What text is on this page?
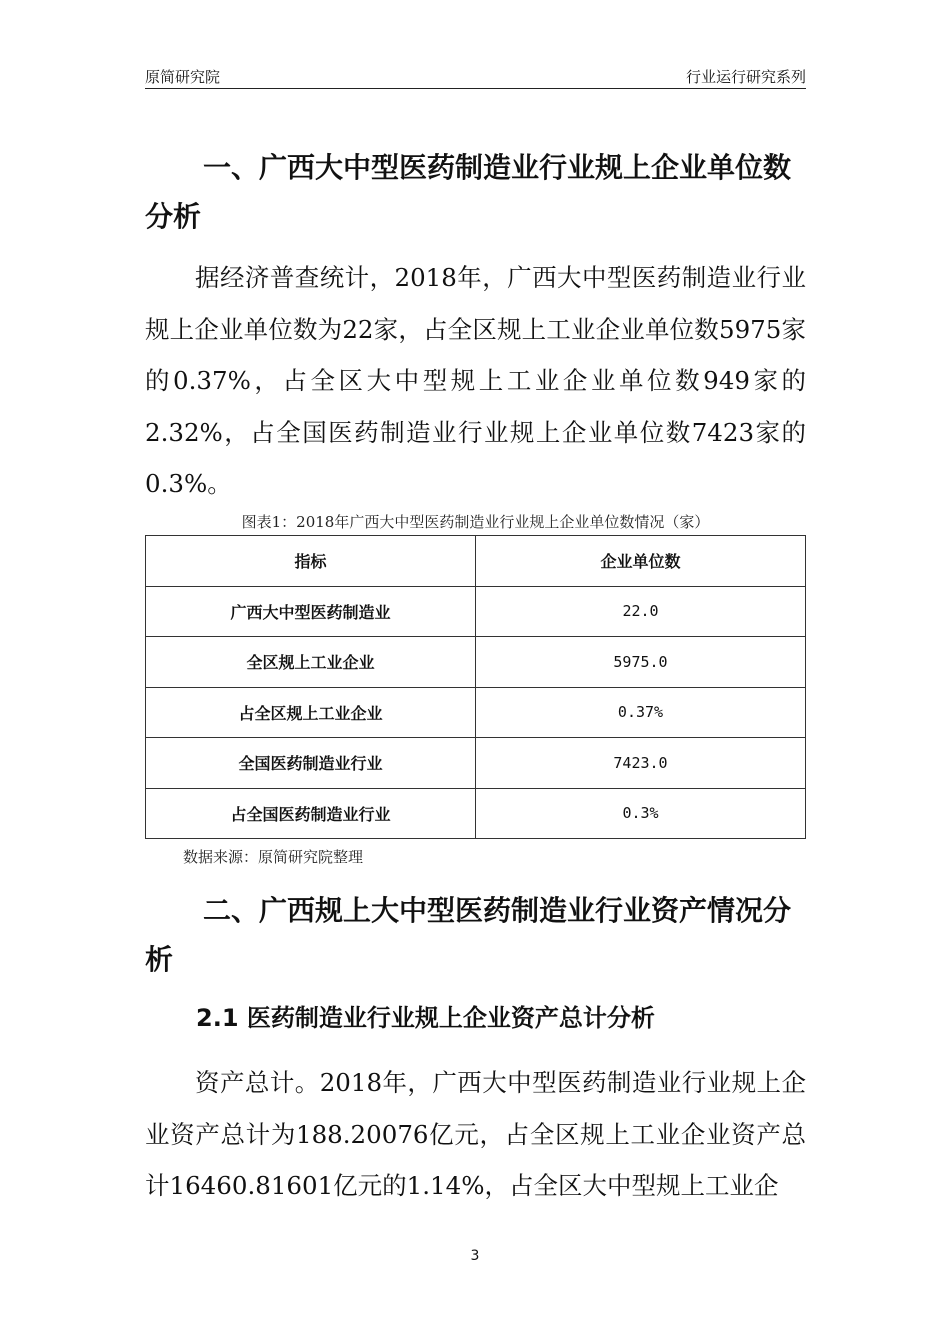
原简研究院	行业运行研究系列
一、广西大中型医药制造业行业规上企业单位数分析

据经济普查统计，2018年，广西大中型医药制造业行业规上企业单位数为22家，占全区规上工业企业单位数5975家的0.37%，占全区大中型规上工业企业单位数949家的2.32%，占全国医药制造业行业规上企业单位数7423家的0.3%。

图表1：2018年广西大中型医药制造业行业规上企业单位数情况（家）
指标	企业单位数
广西大中型医药制造业	22.0
全区规上工业企业	5975.0
占全区规上工业企业	0.37%
全国医药制造业行业	7423.0
占全国医药制造业行业	0.3%
数据来源：原简研究院整理
二、广西规上大中型医药制造业行业资产情况分析
2.1 医药制造业行业规上企业资产总计分析

资产总计。2018年，广西大中型医药制造业行业规上企业资产总计为188.20076亿元，占全区规上工业企业资产总计16460.81601亿元的1.14%，占全区大中型规上工业企

3
